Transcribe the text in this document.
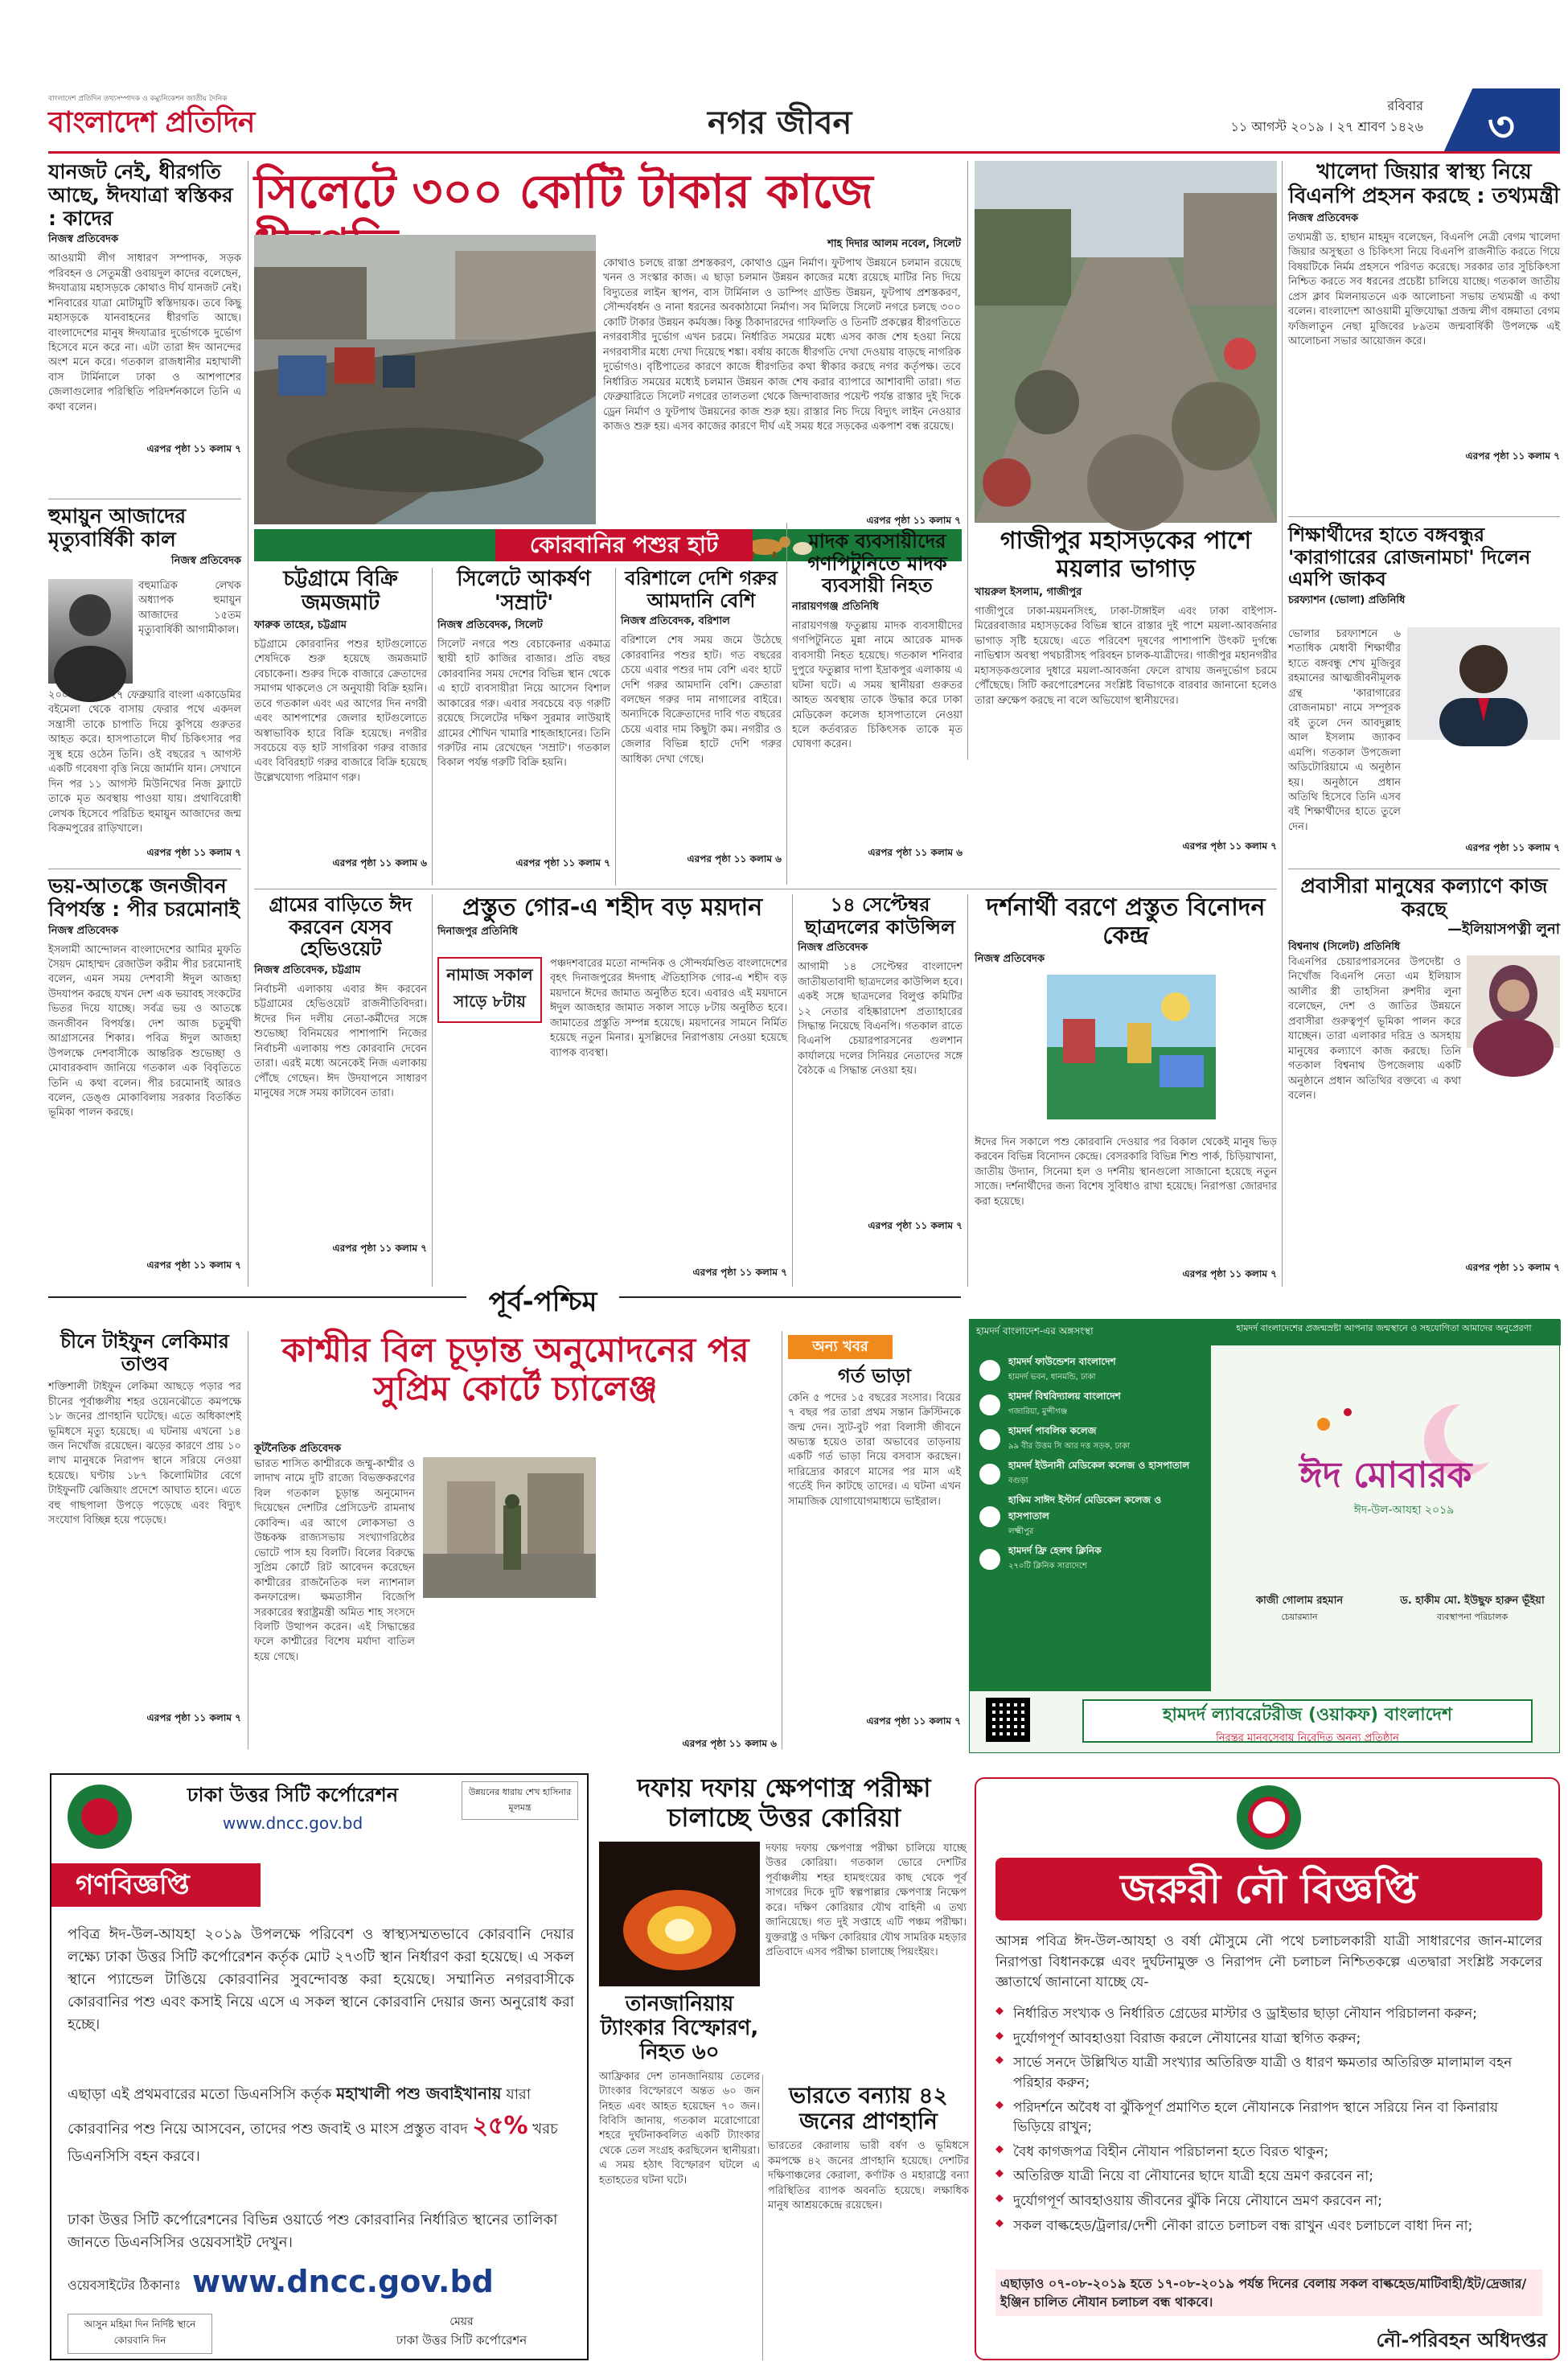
বাংলাদেশ প্রতিদিন তথ্যসম্পাদক ও কম্যুনিকেশন জাতীয় দৈনিক
বাংলাদেশ প্রতিদিন	নগর জীবন	রবিবার
১১ আগস্ট ২০১৯ । ২৭ শ্রাবণ ১৪২৬ ৩
যানজট নেই, ধীরগতি আছে, ঈদযাত্রা স্বস্তিকর : কাদের
নিজস্ব প্রতিবেদক
আওয়ামী লীগ সাধারণ সম্পাদক, সড়ক পরিবহন ও সেতুমন্ত্রী ওবায়দুল কাদের বলেছেন, ঈদযাত্রায় মহাসড়কে কোথাও দীর্ঘ যানজট নেই। শনিবারের যাত্রা মোটামুটি স্বস্তিদায়ক। তবে কিছু মহাসড়কে যানবাহনের ধীরগতি আছে। বাংলাদেশের মানুষ ঈদযাত্রার দুর্ভোগকে দুর্ভোগ হিসেবে মনে করে না। এটা তারা ঈদ আনন্দের অংশ মনে করে। গতকাল রাজধানীর মহাখালী বাস টার্মিনালে ঢাকা ও আশপাশের জেলাগুলোর পরিস্থিতি পরিদর্শনকালে তিনি এ কথা বলেন।
এরপর পৃষ্ঠা ১১ কলাম ৭
হুমায়ুন আজাদের মৃত্যুবার্ষিকী কাল
নিজস্ব প্রতিবেদক
বহুমাত্রিক লেখক অধ্যাপক হুমায়ুন আজাদের ১৫তম মৃত্যুবার্ষিকী আগামীকাল।
২০০৪ সালের ২৭ ফেব্রুয়ারি বাংলা একাডেমির বইমেলা থেকে বাসায় ফেরার পথে একদল সন্ত্রাসী তাকে চাপাতি দিয়ে কুপিয়ে গুরুতর আহত করে। হাসপাতালে দীর্ঘ চিকিৎসার পর সুস্থ হয়ে ওঠেন তিনি। ওই বছরের ৭ আগস্ট একটি গবেষণা বৃত্তি নিয়ে জার্মানি যান। সেখানে দিন পর ১১ আগস্ট মিউনিখের নিজ ফ্ল্যাটে তাকে মৃত অবস্থায় পাওয়া যায়। প্রথাবিরোধী লেখক হিসেবে পরিচিত হুমায়ুন আজাদের জন্ম বিক্রমপুরের রাড়িখালে।
এরপর পৃষ্ঠা ১১ কলাম ৭
ভয়-আতঙ্কে জনজীবন বিপর্যস্ত : পীর চরমোনাই
নিজস্ব প্রতিবেদক
ইসলামী আন্দোলন বাংলাদেশের আমির মুফতি সৈয়দ মোহাম্মদ রেজাউল করীম পীর চরমোনাই বলেন, এমন সময় দেশবাসী ঈদুল আজহা উদযাপন করছে যখন দেশ এক ভয়াবহ সংকটের ভিতর দিয়ে যাচ্ছে। সর্বত্র ভয় ও আতঙ্কে জনজীবন বিপর্যস্ত। দেশ আজ চতুর্মুখী আগ্রাসনের শিকার। পবিত্র ঈদুল আজহা উপলক্ষে দেশবাসীকে আন্তরিক শুভেচ্ছা ও মোবারকবাদ জানিয়ে গতকাল এক বিবৃতিতে তিনি এ কথা বলেন। পীর চরমোনাই আরও বলেন, ডেঙ্গু মোকাবিলায় সরকার বিতর্কিত ভূমিকা পালন করছে।
এরপর পৃষ্ঠা ১১ কলাম ৭
সিলেটে ৩০০ কোটি টাকার কাজে
শাহ দিদার আলম নবেল, সিলেট
কোথাও চলছে রাস্তা প্রশস্তকরণ, কোথাও ড্রেন নির্মাণ। ফুটপাথ উন্নয়নে চলমান রয়েছে খনন ও সংস্কার কাজ। এ ছাড়া চলমান উন্নয়ন কাজের মধ্যে রয়েছে মাটির নিচ দিয়ে বিদ্যুতের লাইন স্থাপন, বাস টার্মিনাল ও ডাম্পিং গ্রাউন্ড উন্নয়ন, ফুটপাথ প্রশস্তকরণ, সৌন্দর্যবর্ধন ও নানা ধরনের অবকাঠামো নির্মাণ। সব মিলিয়ে সিলেট নগরে চলছে ৩০০ কোটি টাকার উন্নয়ন কর্মযজ্ঞ। কিন্তু ঠিকাদারদের গাফিলতি ও তিনটি প্রকল্পের ধীরগতিতে নগরবাসীর দুর্ভোগ এখন চরমে। নির্ধারিত সময়ের মধ্যে এসব কাজ শেষ হওয়া নিয়ে নগরবাসীর মধ্যে দেখা দিয়েছে শঙ্কা। বর্ষায় কাজে ধীরগতি দেখা দেওয়ায় বাড়ছে নাগরিক দুর্ভোগও। বৃষ্টিপাতের কারণে কাজে ধীরগতির কথা স্বীকার করছে নগর কর্তৃপক্ষ। তবে নির্ধারিত সময়ের মধ্যেই চলমান উন্নয়ন কাজ শেষ করার ব্যাপারে আশাবাদী তারা। গত ফেব্রুয়ারিতে সিলেট নগরের তালতলা থেকে জিন্দাবাজার পয়েন্ট পর্যন্ত রাস্তার দুই দিকে ড্রেন নির্মাণ ও ফুটপাথ উন্নয়নের কাজ শুরু হয়। রাস্তার নিচ দিয়ে বিদ্যুৎ লাইন নেওয়ার কাজও শুরু হয়। এসব কাজের কারণে দীর্ঘ এই সময় ধরে সড়কের একপাশ বন্ধ রয়েছে।
এরপর পৃষ্ঠা ১১ কলাম ৭
খালেদা জিয়ার স্বাস্থ্য নিয়ে বিএনপি প্রহসন করছে : তথ্যমন্ত্রী
নিজস্ব প্রতিবেদক
তথ্যমন্ত্রী ড. হাছান মাহমুদ বলেছেন, বিএনপি নেত্রী বেগম খালেদা জিয়ার অসুস্থতা ও চিকিৎসা নিয়ে বিএনপি রাজনীতি করতে গিয়ে বিষয়টিকে নির্মম প্রহসনে পরিণত করেছে। সরকার তার সুচিকিৎসা নিশ্চিত করতে সব ধরনের প্রচেষ্টা চালিয়ে যাচ্ছে। গতকাল জাতীয় প্রেস ক্লাব মিলনায়তনে এক আলোচনা সভায় তথ্যমন্ত্রী এ কথা বলেন। বাংলাদেশ আওয়ামী মুক্তিযোদ্ধা প্রজন্ম লীগ বঙ্গমাতা বেগম ফজিলাতুন নেছা মুজিবের ৮৯তম জন্মবার্ষিকী উপলক্ষে এই আলোচনা সভার আয়োজন করে।
এরপর পৃষ্ঠা ১১ কলাম ৭
শিক্ষার্থীদের হাতে বঙ্গবন্ধুর 'কারাগারের রোজনামচা' দিলেন এমপি জাকব
চরফ্যাশন (ভোলা) প্রতিনিধি
ভোলার চরফ্যাশনে ৬ শতাধিক মেধাবী শিক্ষার্থীর হাতে বঙ্গবন্ধু শেখ মুজিবুর রহমানের আত্মজীবনীমূলক গ্রন্থ 'কারাগারের রোজনামচা' নামে সম্পূরক বই তুলে দেন আবদুল্লাহ আল ইসলাম জ্যাকব এমপি। গতকাল উপজেলা অডিটোরিয়ামে এ অনুষ্ঠান হয়। অনুষ্ঠানে প্রধান অতিথি হিসেবে তিনি এসব বই শিক্ষার্থীদের হাতে তুলে দেন।
এরপর পৃষ্ঠা ১১ কলাম ৭
প্রবাসীরা মানুষের কল্যাণে কাজ করছে
—ইলিয়াসপত্নী লুনা
বিশ্বনাথ (সিলেট) প্রতিনিধি
বিএনপির চেয়ারপারসনের উপদেষ্টা ও নিখোঁজ বিএনপি নেতা এম ইলিয়াস আলীর স্ত্রী তাহসিনা রুশদীর লুনা বলেছেন, দেশ ও জাতির উন্নয়নে প্রবাসীরা গুরুত্বপূর্ণ ভূমিকা পালন করে যাচ্ছেন। তারা এলাকার দরিদ্র ও অসহায় মানুষের কল্যাণে কাজ করছে। তিনি গতকাল বিশ্বনাথ উপজেলায় একটি অনুষ্ঠানে প্রধান অতিথির বক্তব্যে এ কথা বলেন।
এরপর পৃষ্ঠা ১১ কলাম ৭
কোরবানির পশুর হাট
চট্টগ্রামে বিক্রি জমজমাট
ফারুক তাহের, চট্টগ্রাম
চট্টগ্রামে কোরবানির পশুর হাটগুলোতে শেষদিকে শুরু হয়েছে জমজমাট বেচাকেনা। শুরুর দিকে বাজারে ক্রেতাদের সমাগম থাকলেও সে অনুযায়ী বিক্রি হয়নি। তবে গতকাল এবং এর আগের দিন নগরী এবং আশপাশের জেলার হাটগুলোতে অস্বাভাবিক হারে বিক্রি হয়েছে। নগরীর সবচেয়ে বড় হাট সাগরিকা গরুর বাজার এবং বিবিরহাট গরুর বাজারে বিক্রি হয়েছে উল্লেখযোগ্য পরিমাণ গরু।
এরপর পৃষ্ঠা ১১ কলাম ৬
সিলেটে আকর্ষণ 'সম্রাট'
নিজস্ব প্রতিবেদক, সিলেট
সিলেট নগরে পশু বেচাকেনার একমাত্র স্থায়ী হাট কাজির বাজার। প্রতি বছর কোরবানির সময় দেশের বিভিন্ন স্থান থেকে এ হাটে ব্যবসায়ীরা নিয়ে আসেন বিশাল আকারের গরু। এবার সবচেয়ে বড় গরুটি রয়েছে সিলেটের দক্ষিণ সুরমার লাউয়াই গ্রামের শৌখিন খামারি শাহজাহানের। তিনি গরুটির নাম রেখেছেন 'সম্রাট'। গতকাল বিকাল পর্যন্ত গরুটি বিক্রি হয়নি।
এরপর পৃষ্ঠা ১১ কলাম ৭
বরিশালে দেশি গরুর আমদানি বেশি
নিজস্ব প্রতিবেদক, বরিশাল
বরিশালে শেষ সময় জমে উঠেছে কোরবানির পশুর হাট। গত বছরের চেয়ে এবার পশুর দাম বেশি এবং হাটে দেশি গরুর আমদানি বেশি। ক্রেতারা বলছেন গরুর দাম নাগালের বাইরে। অন্যদিকে বিক্রেতাদের দাবি গত বছরের চেয়ে এবার দাম কিছুটা কম। নগরীর ও জেলার বিভিন্ন হাটে দেশি গরুর আধিক্য দেখা গেছে।
এরপর পৃষ্ঠা ১১ কলাম ৬
মাদক ব্যবসায়ীদের গণপিটুনিতে মাদক ব্যবসায়ী নিহত
নারায়ণগঞ্জ প্রতিনিধি
নারায়ণগঞ্জ ফতুল্লায় মাদক ব্যবসায়ীদের গণপিটুনিতে মুন্না নামে আরেক মাদক ব্যবসায়ী নিহত হয়েছে। গতকাল শনিবার দুপুরে ফতুল্লার দাপা ইদ্রাকপুর এলাকায় এ ঘটনা ঘটে। এ সময় স্থানীয়রা গুরুতর আহত অবস্থায় তাকে উদ্ধার করে ঢাকা মেডিকেল কলেজ হাসপাতালে নেওয়া হলে কর্তব্যরত চিকিৎসক তাকে মৃত ঘোষণা করেন।
এরপর পৃষ্ঠা ১১ কলাম ৬
গাজীপুর মহাসড়কের পাশে ময়লার ভাগাড়
খায়রুল ইসলাম, গাজীপুর
গাজীপুরে ঢাকা-ময়মনসিংহ, ঢাকা-টাঙ্গাইল এবং ঢাকা বাইপাস-মিরেরবাজার মহাসড়কের বিভিন্ন স্থানে রাস্তার দুই পাশে ময়লা-আবর্জনার ভাগাড় সৃষ্টি হয়েছে। এতে পরিবেশ দূষণের পাশাপাশি উৎকট দুর্গন্ধে নাভিশ্বাস অবস্থা পথচারীসহ পরিবহন চালক-যাত্রীদের। গাজীপুর মহানগরীর মহাসড়কগুলোর দুধারে ময়লা-আবর্জনা ফেলে রাখায় জনদুর্ভোগ চরমে পৌঁছেছে। সিটি করপোরেশনের সংশ্লিষ্ট বিভাগকে বারবার জানানো হলেও তারা ভ্রুক্ষেপ করছে না বলে অভিযোগ স্থানীয়দের।
এরপর পৃষ্ঠা ১১ কলাম ৭
গ্রামের বাড়িতে ঈদ করবেন যেসব হেভিওয়েট
নিজস্ব প্রতিবেদক, চট্টগ্রাম
নির্বাচনী এলাকায় এবার ঈদ করবেন চট্টগ্রামের হেভিওয়েট রাজনীতিবিদরা। ঈদের দিন দলীয় নেতা-কর্মীদের সঙ্গে শুভেচ্ছা বিনিময়ের পাশাপাশি নিজের নির্বাচনী এলাকায় পশু কোরবানি দেবেন তারা। এরই মধ্যে অনেকেই নিজ এলাকায় পৌঁছে গেছেন। ঈদ উদযাপনে সাধারণ মানুষের সঙ্গে সময় কাটাবেন তারা।
এরপর পৃষ্ঠা ১১ কলাম ৭
প্রস্তুত গোর-এ শহীদ বড় ময়দান
দিনাজপুর প্রতিনিধি
নামাজ সকাল সাড়ে ৮টায়
পঞ্চদশবারের মতো নান্দনিক ও সৌন্দর্যমণ্ডিত বাংলাদেশের বৃহৎ দিনাজপুরের ঈদগাহ ঐতিহাসিক গোর-এ শহীদ বড় ময়দানে ঈদের জামাত অনুষ্ঠিত হবে। এবারও এই ময়দানে ঈদুল আজহার জামাত সকাল সাড়ে ৮টায় অনুষ্ঠিত হবে। জামাতের প্রস্তুতি সম্পন্ন হয়েছে। ময়দানের সামনে নির্মিত হয়েছে নতুন মিনার। মুসল্লিদের নিরাপত্তায় নেওয়া হয়েছে ব্যাপক ব্যবস্থা।
এরপর পৃষ্ঠা ১১ কলাম ৭
১৪ সেপ্টেম্বর ছাত্রদলের কাউন্সিল
নিজস্ব প্রতিবেদক
আগামী ১৪ সেপ্টেম্বর বাংলাদেশ জাতীয়তাবাদী ছাত্রদলের কাউন্সিল হবে। একই সঙ্গে ছাত্রদলের বিলুপ্ত কমিটির ১২ নেতার বহিষ্কারাদেশ প্রত্যাহারের সিদ্ধান্ত নিয়েছে বিএনপি। গতকাল রাতে বিএনপি চেয়ারপারসনের গুলশান কার্যালয়ে দলের সিনিয়র নেতাদের সঙ্গে বৈঠকে এ সিদ্ধান্ত নেওয়া হয়।
এরপর পৃষ্ঠা ১১ কলাম ৭
দর্শনার্থী বরণে প্রস্তুত বিনোদন কেন্দ্র
নিজস্ব প্রতিবেদক
ঈদের দিন সকালে পশু কোরবানি দেওয়ার পর বিকাল থেকেই মানুষ ভিড় করবেন বিভিন্ন বিনোদন কেন্দ্রে। বেসরকারি বিভিন্ন শিশু পার্ক, চিড়িয়াখানা, জাতীয় উদ্যান, সিনেমা হল ও দর্শনীয় স্থানগুলো সাজানো হয়েছে নতুন সাজে। দর্শনার্থীদের জন্য বিশেষ সুবিধাও রাখা হয়েছে। নিরাপত্তা জোরদার করা হয়েছে।
এরপর পৃষ্ঠা ১১ কলাম ৭
পূর্ব-পশ্চিম
চীনে টাইফুন লেকিমার তাণ্ডব
শক্তিশালী টাইফুন লেকিমা আছড়ে পড়ার পর চীনের পূর্বাঞ্চলীয় শহর ওয়েনঝৌতে কমপক্ষে ১৮ জনের প্রাণহানি ঘটেছে। এতে অধিকাংশই ভূমিধসে মৃত্যু হয়েছে। এ ঘটনায় এখনো ১৪ জন নিখোঁজ রয়েছেন। ঝড়ের কারণে প্রায় ১০ লাখ মানুষকে নিরাপদ স্থানে সরিয়ে নেওয়া হয়েছে। ঘণ্টায় ১৮৭ কিলোমিটার বেগে টাইফুনটি ঝেজিয়াং প্রদেশে আঘাত হানে। এতে বহু গাছপালা উপড়ে পড়েছে এবং বিদ্যুৎ সংযোগ বিচ্ছিন্ন হয়ে পড়েছে।
এরপর পৃষ্ঠা ১১ কলাম ৭
কাশ্মীর বিল চূড়ান্ত অনুমোদনের পর সুপ্রিম কোর্টে চ্যালেঞ্জ
কূটনৈতিক প্রতিবেদক
ভারত শাসিত কাশ্মীরকে জম্মু-কাশ্মীর ও লাদাখ নামে দুটি রাজ্যে বিভক্তকরণের বিল গতকাল চূড়ান্ত অনুমোদন দিয়েছেন দেশটির প্রেসিডেন্ট রামনাথ কোবিন্দ। এর আগে লোকসভা ও উচ্চকক্ষ রাজ্যসভায় সংখ্যাগরিষ্ঠের ভোটে পাস হয় বিলটি। বিলের বিরুদ্ধে সুপ্রিম কোর্টে রিট আবেদন করেছেন কাশ্মীরের রাজনৈতিক দল ন্যাশনাল কনফারেন্স। ক্ষমতাসীন বিজেপি সরকারের স্বরাষ্ট্রমন্ত্রী অমিত শাহ সংসদে বিলটি উত্থাপন করেন। এই সিদ্ধান্তের ফলে কাশ্মীরের বিশেষ মর্যাদা বাতিল হয়ে গেছে।
এরপর পৃষ্ঠা ১১ কলাম ৬
অন্য খবর
গর্ত ভাড়া
কেনি ৫ পদের ১৫ বছরের সংসার। বিয়ের ৭ বছর পর তারা প্রথম সন্তান ক্রিস্টিনকে জন্ম দেন। স্যুট-বুট পরা বিলাসী জীবনে অভ্যস্ত হয়েও তারা অভাবের তাড়নায় একটি গর্ত ভাড়া নিয়ে বসবাস করছেন। দারিদ্র্যের কারণে মাসের পর মাস এই গর্তেই দিন কাটছে তাদের। এ ঘটনা এখন সামাজিক যোগাযোগমাধ্যমে ভাইরাল।
এরপর পৃষ্ঠা ১১ কলাম ৭
হামদর্দ বাংলাদেশ-এর অঙ্গসংস্থা	হামদর্দ বাংলাদেশের প্রজন্মস্রষ্টা আপনার জন্মস্থানে ও সহযোগিতা আমাদের অনুপ্রেরণা
হামদর্দ ফাউন্ডেশন বাংলাদেশ
হামদর্দ ভবন, ধানমন্ডি, ঢাকা
হামদর্দ বিশ্ববিদ্যালয় বাংলাদেশ
গজারিয়া, মুন্সীগঞ্জ
হামদর্দ পাবলিক কলেজ
৯৯ বীর উত্তম সি আর দত্ত সড়ক, ঢাকা
হামদর্দ ইউনানী মেডিকেল কলেজ ও হাসপাতাল
বগুড়া
হাকিম সাঈদ ইস্টার্ন মেডিকেল কলেজ ও হাসপাতাল
লক্ষ্মীপুর
হামদর্দ ফ্রি হেলথ ক্লিনিক
২৭০টি ক্লিনিক সারাদেশে
ঈদ মোবারক
ঈদ-উল-আযহা ২০১৯
কাজী গোলাম রহমান
চেয়ারম্যান
ড. হাকীম মো. ইউছুফ হারুন ভূঁইয়া
ব্যবস্থাপনা পরিচালক
হামদর্দ ল্যাবরেটরীজ (ওয়াকফ) বাংলাদেশ
নিরন্তর মানবসেবায় নিবেদিত অনন্য প্রতিষ্ঠান
ঢাকা উত্তর সিটি কর্পোরেশন
www.dncc.gov.bd
উন্নয়নের ধারায় শেখ হাসিনার মূলমন্ত্র
গণবিজ্ঞপ্তি
পবিত্র ঈদ-উল-আযহা ২০১৯ উপলক্ষে পরিবেশ ও স্বাস্থ্যসম্মতভাবে কোরবানি দেয়ার লক্ষ্যে ঢাকা উত্তর সিটি কর্পোরেশন কর্তৃক মোট ২৭৩টি স্থান নির্ধারণ করা হয়েছে। এ সকল স্থানে প্যান্ডেল টাঙিয়ে কোরবানির সুবন্দোবস্ত করা হয়েছে। সম্মানিত নগরবাসীকে কোরবানির পশু এবং কসাই নিয়ে এসে এ সকল স্থানে কোরবানি দেয়ার জন্য অনুরোধ করা হচ্ছে।
এছাড়া এই প্রথমবারের মতো ডিএনসিসি কর্তৃক মহাখালী পশু জবাইখানায় যারা কোরবানির পশু নিয়ে আসবেন, তাদের পশু জবাই ও মাংস প্রস্তুত বাবদ ২৫% খরচ ডিএনসিসি বহন করবে।
ঢাকা উত্তর সিটি কর্পোরেশনের বিভিন্ন ওয়ার্ডে পশু কোরবানির নির্ধারিত স্থানের তালিকা জানতে ডিএনসিসির ওয়েবসাইট দেখুন।
ওয়েবসাইটের ঠিকানাঃ www.dncc.gov.bd
আসুন মহিমা দিন নির্দিষ্ট স্থানে কোরবানি দিন
মেয়র
ঢাকা উত্তর সিটি কর্পোরেশন
দফায় দফায় ক্ষেপণাস্ত্র পরীক্ষা চালাচ্ছে উত্তর কোরিয়া
দফায় দফায় ক্ষেপণাস্ত্র পরীক্ষা চালিয়ে যাচ্ছে উত্তর কোরিয়া। গতকাল ভোরে দেশটির পূর্বাঞ্চলীয় শহর হামহুংয়ের কাছ থেকে পূর্ব সাগরের দিকে দুটি স্বল্পপাল্লার ক্ষেপণাস্ত্র নিক্ষেপ করে। দক্ষিণ কোরিয়ার যৌথ বাহিনী এ তথ্য জানিয়েছে। গত দুই সপ্তাহে এটি পঞ্চম পরীক্ষা। যুক্তরাষ্ট্র ও দক্ষিণ কোরিয়ার যৌথ সামরিক মহড়ার প্রতিবাদে এসব পরীক্ষা চালাচ্ছে পিয়ংইয়ং।
তানজানিয়ায় ট্যাংকার বিস্ফোরণ, নিহত ৬০
আফ্রিকার দেশ তানজানিয়ায় তেলের ট্যাংকার বিস্ফোরণে অন্তত ৬০ জন নিহত এবং আহত হয়েছেন ৭০ জন। বিবিসি জানায়, গতকাল মরোগোরো শহরে দুর্ঘটনাকবলিত একটি ট্যাংকার থেকে তেল সংগ্রহ করছিলেন স্থানীয়রা। এ সময় হঠাৎ বিস্ফোরণ ঘটলে এ হতাহতের ঘটনা ঘটে।
ভারতে বন্যায় ৪২ জনের প্রাণহানি
ভারতের কেরালায় ভারী বর্ষণ ও ভূমিধসে কমপক্ষে ৪২ জনের প্রাণহানি হয়েছে। দেশটির দক্ষিণাঞ্চলের কেরালা, কর্ণাটক ও মহারাষ্ট্রে বন্যা পরিস্থিতির ব্যাপক অবনতি হয়েছে। লক্ষাধিক মানুষ আশ্রয়কেন্দ্রে রয়েছেন।
জরুরী নৌ বিজ্ঞপ্তি
আসন্ন পবিত্র ঈদ-উল-আযহা ও বর্ষা মৌসুমে নৌ পথে চলাচলকারী যাত্রী সাধারণের জান-মালের নিরাপত্তা বিধানকল্পে এবং দুর্ঘটনামুক্ত ও নিরাপদ নৌ চলাচল নিশ্চিতকল্পে এতদ্বারা সংশ্লিষ্ট সকলের জ্ঞাতার্থে জানানো যাচ্ছে যে-
◆ নির্ধারিত সংখ্যক ও নির্ধারিত গ্রেডের মাস্টার ও ড্রাইভার ছাড়া নৌযান পরিচালনা করুন;
◆ দুর্যোগপূর্ণ আবহাওয়া বিরাজ করলে নৌযানের যাত্রা স্থগিত করুন;
◆ সার্ভে সনদে উল্লিখিত যাত্রী সংখ্যার অতিরিক্ত যাত্রী ও ধারণ ক্ষমতার অতিরিক্ত মালামাল বহন পরিহার করুন;
◆ পরিদর্শনে অবৈধ বা ঝুঁকিপূর্ণ প্রমাণিত হলে নৌযানকে নিরাপদ স্থানে সরিয়ে নিন বা কিনারায় ভিড়িয়ে রাখুন;
◆ বৈধ কাগজপত্র বিহীন নৌযান পরিচালনা হতে বিরত থাকুন;
◆ অতিরিক্ত যাত্রী নিয়ে বা নৌযানের ছাদে যাত্রী হয়ে ভ্রমণ করবেন না;
◆ দুর্যোগপূর্ণ আবহাওয়ায় জীবনের ঝুঁকি নিয়ে নৌযানে ভ্রমণ করবেন না;
◆ সকল বাল্কহেড/ট্রলার/দেশী নৌকা রাতে চলাচল বন্ধ রাখুন এবং চলাচলে বাধা দিন না;
এছাড়াও ০৭-০৮-২০১৯ হতে ১৭-০৮-২০১৯ পর্যন্ত দিনের বেলায় সকল বাল্কহেড/মাটিবাহী/ইট/দ্রেজার/ইঞ্জিন চালিত নৌযান চলাচল বন্ধ থাকবে।
নৌ-পরিবহন অধিদপ্তর
